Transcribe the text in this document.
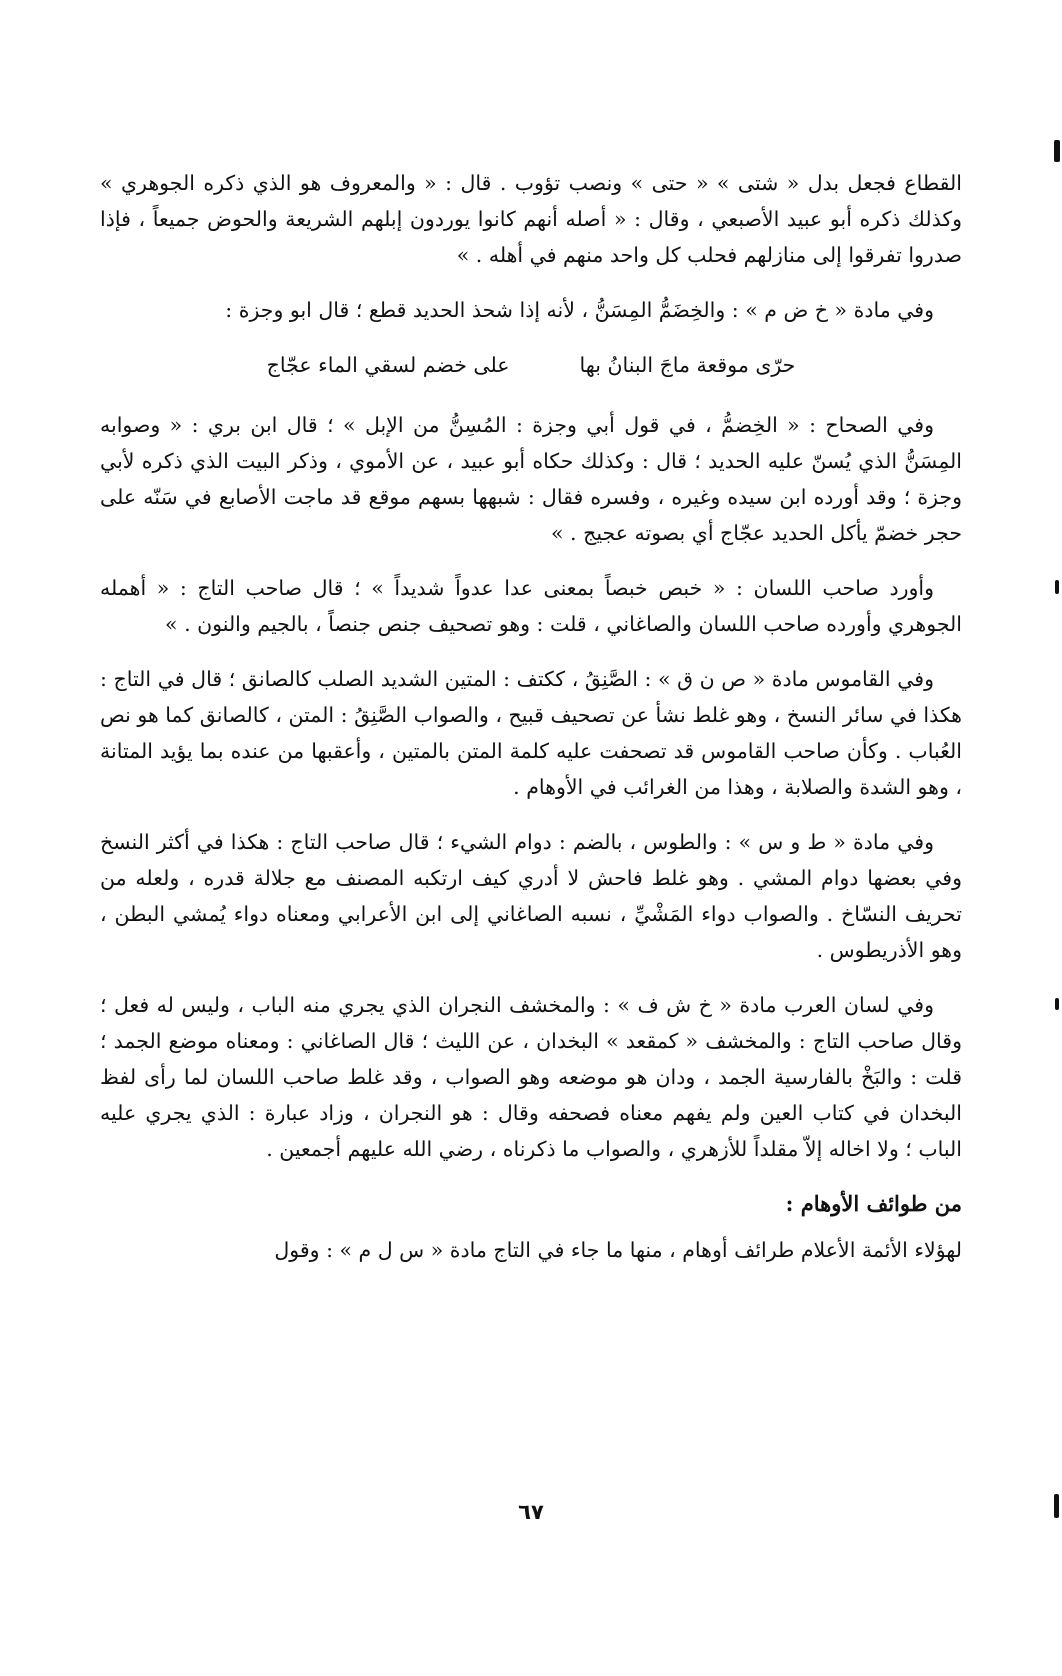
القطاع فجعل بدل « شتى » « حتى » ونصب تؤوب . قال : « والمعروف هو الذي ذكره الجوهري » وكذلك ذكره أبو عبيد الأصبعي ، وقال : « أصله أنهم كانوا يوردون إبلهم الشريعة والحوض جميعاً ، فإذا صدروا تفرقوا إلى منازلهم فحلب كل واحد منهم في أهله . »

وفي مادة « خ ض م » : والخِضَمُّ المِسَنُّ ، لأنه إذا شحذ الحديد قطع ؛ قال ابو وجزة :

حرّى موقعة ماجَ البنانُ بها
على خضم لسقي الماء عجّاج

وفي الصحاح : « الخِضمُّ ، في قول أبي وجزة : المُسِنُّ من الإبل » ؛ قال ابن بري : « وصوابه المِسَنُّ الذي يُسنّ عليه الحديد ؛ قال : وكذلك حكاه أبو عبيد ، عن الأموي ، وذكر البيت الذي ذكره لأبي وجزة ؛ وقد أورده ابن سيده وغيره ، وفسره فقال : شبهها بسهم موقع قد ماجت الأصابع في سَنّه على حجر خضمّ يأكل الحديد عجّاج أي بصوته عجيج . »

وأورد صاحب اللسان : « خبص خبصاً بمعنى عدا عدواً شديداً » ؛ قال صاحب التاج : « أهمله الجوهري وأورده صاحب اللسان والصاغاني ، قلت : وهو تصحيف جنص جنصاً ، بالجيم والنون . »

وفي القاموس مادة « ص ن ق » : الصَّنِقُ ، ككتف : المتين الشديد الصلب كالصانق ؛ قال في التاج : هكذا في سائر النسخ ، وهو غلط نشأ عن تصحيف قبيح ، والصواب الصَّنِقُ : المتن ، كالصانق كما هو نص العُباب . وكأن صاحب القاموس قد تصحفت عليه كلمة المتن بالمتين ، وأعقبها من عنده بما يؤيد المتانة ، وهو الشدة والصلابة ، وهذا من الغرائب في الأوهام .

وفي مادة « ط و س » : والطوس ، بالضم : دوام الشيء ؛ قال صاحب التاج : هكذا في أكثر النسخ وفي بعضها دوام المشي . وهو غلط فاحش لا أدري كيف ارتكبه المصنف مع جلالة قدره ، ولعله من تحريف النسّاخ . والصواب دواء المَشْيِّ ، نسبه الصاغاني إلى ابن الأعرابي ومعناه دواء يُمشي البطن ، وهو الأذريطوس .

وفي لسان العرب مادة « خ ش ف » : والمخشف النجران الذي يجري منه الباب ، وليس له فعل ؛ وقال صاحب التاج : والمخشف « كمقعد » البخدان ، عن الليث ؛ قال الصاغاني : ومعناه موضع الجمد ؛ قلت : والبَخْ بالفارسية الجمد ، ودان هو موضعه وهو الصواب ، وقد غلط صاحب اللسان لما رأى لفظ البخدان في كتاب العين ولم يفهم معناه فصحفه وقال : هو النجران ، وزاد عبارة : الذي يجري عليه الباب ؛ ولا اخاله إلاّ مقلداً للأزهري ، والصواب ما ذكرناه ، رضي الله عليهم أجمعين .

من طوائف الأوهام :

لهؤلاء الأئمة الأعلام طرائف أوهام ، منها ما جاء في التاج مادة « س ل م » : وقول

٦٧
